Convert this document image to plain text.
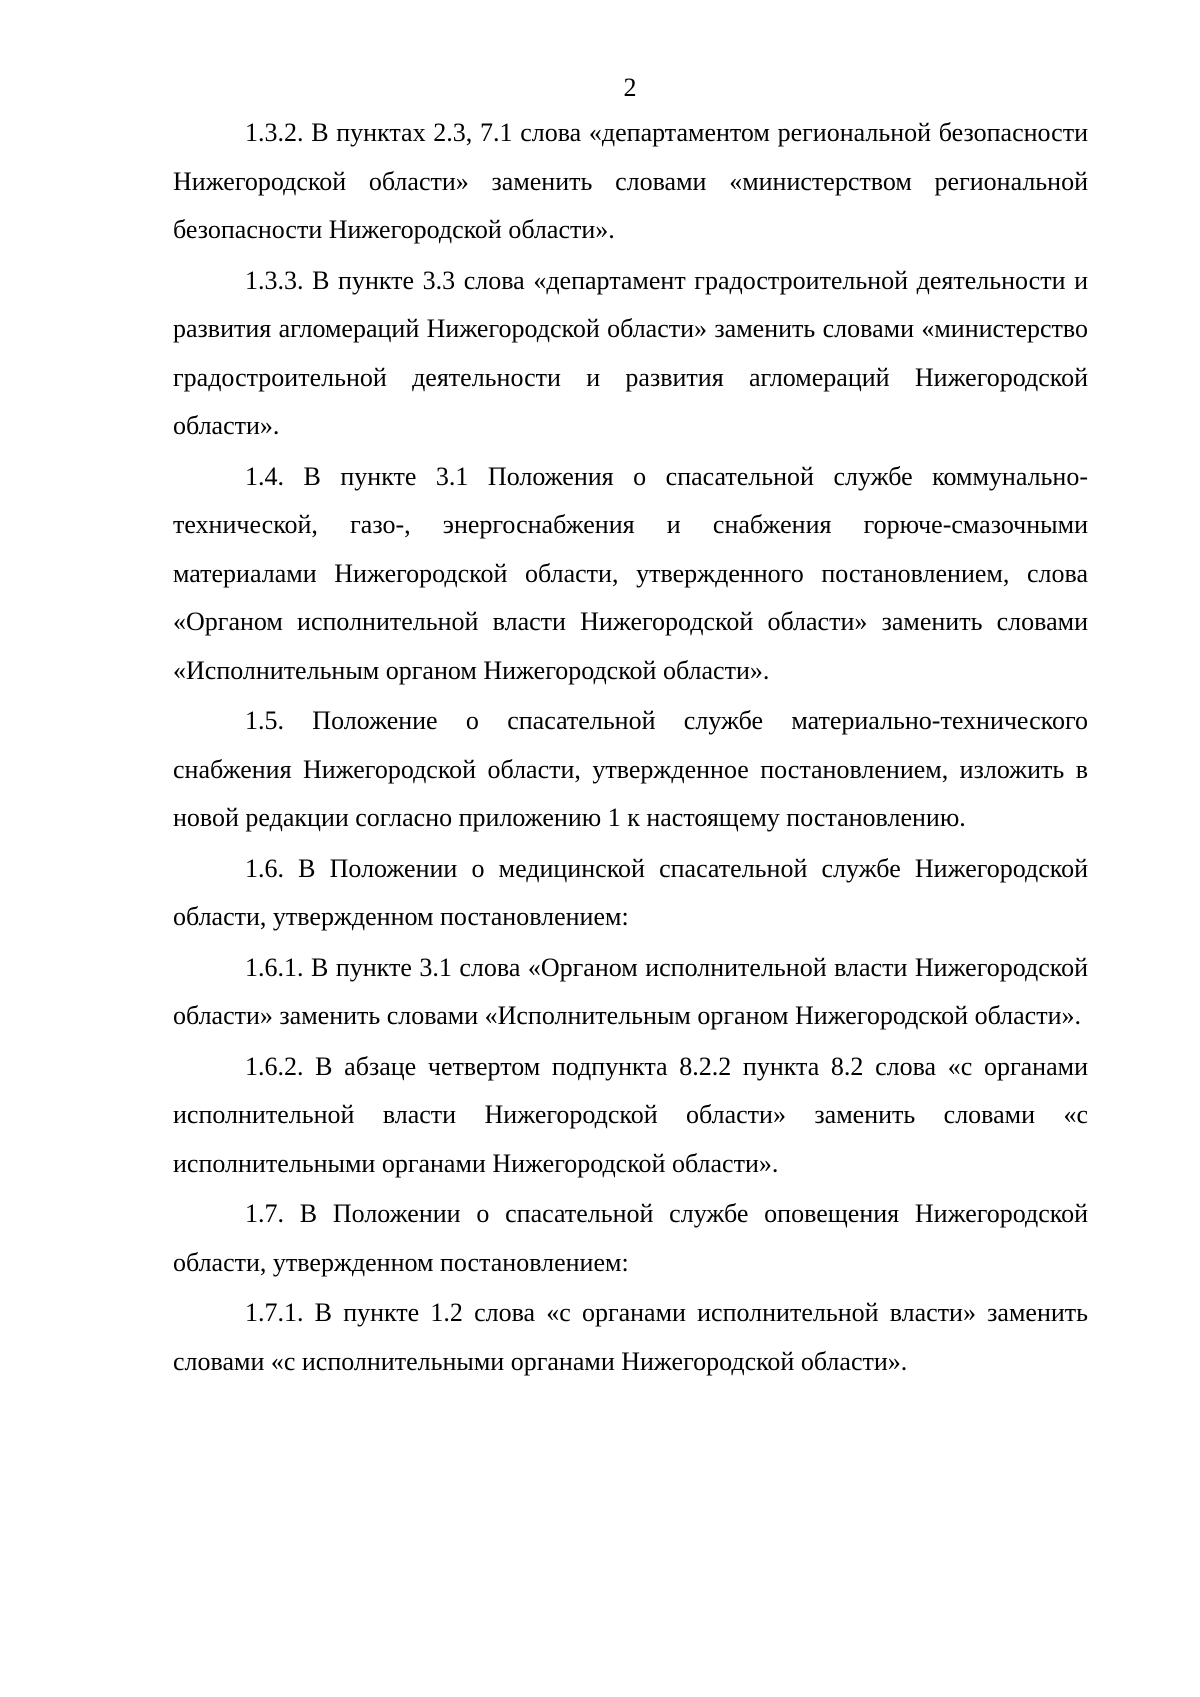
2

1.3.2. В пунктах 2.3, 7.1 слова «департаментом региональной безопасности Нижегородской области» заменить словами «министерством региональной безопасности Нижегородской области».

1.3.3. В пункте 3.3 слова «департамент градостроительной деятельности и развития агломераций Нижегородской области» заменить словами «министерство градостроительной деятельности и развития агломераций Нижегородской области».

1.4. В пункте 3.1 Положения о спасательной службе коммунально-технической, газо-, энергоснабжения и снабжения горюче-смазочными материалами Нижегородской области, утвержденного постановлением, слова «Органом исполнительной власти Нижегородской области» заменить словами «Исполнительным органом Нижегородской области».

1.5. Положение о спасательной службе материально-технического снабжения Нижегородской области, утвержденное постановлением, изложить в новой редакции согласно приложению 1 к настоящему постановлению.

1.6. В Положении о медицинской спасательной службе Нижегородской области, утвержденном постановлением:

1.6.1. В пункте 3.1 слова «Органом исполнительной власти Нижегородской области» заменить словами «Исполнительным органом Нижегородской области».

1.6.2. В абзаце четвертом подпункта 8.2.2 пункта 8.2 слова «с органами исполнительной власти Нижегородской области» заменить словами «с исполнительными органами Нижегородской области».

1.7. В Положении о спасательной службе оповещения Нижегородской области, утвержденном постановлением:

1.7.1. В пункте 1.2 слова «с органами исполнительной власти» заменить словами «с исполнительными органами Нижегородской области».
